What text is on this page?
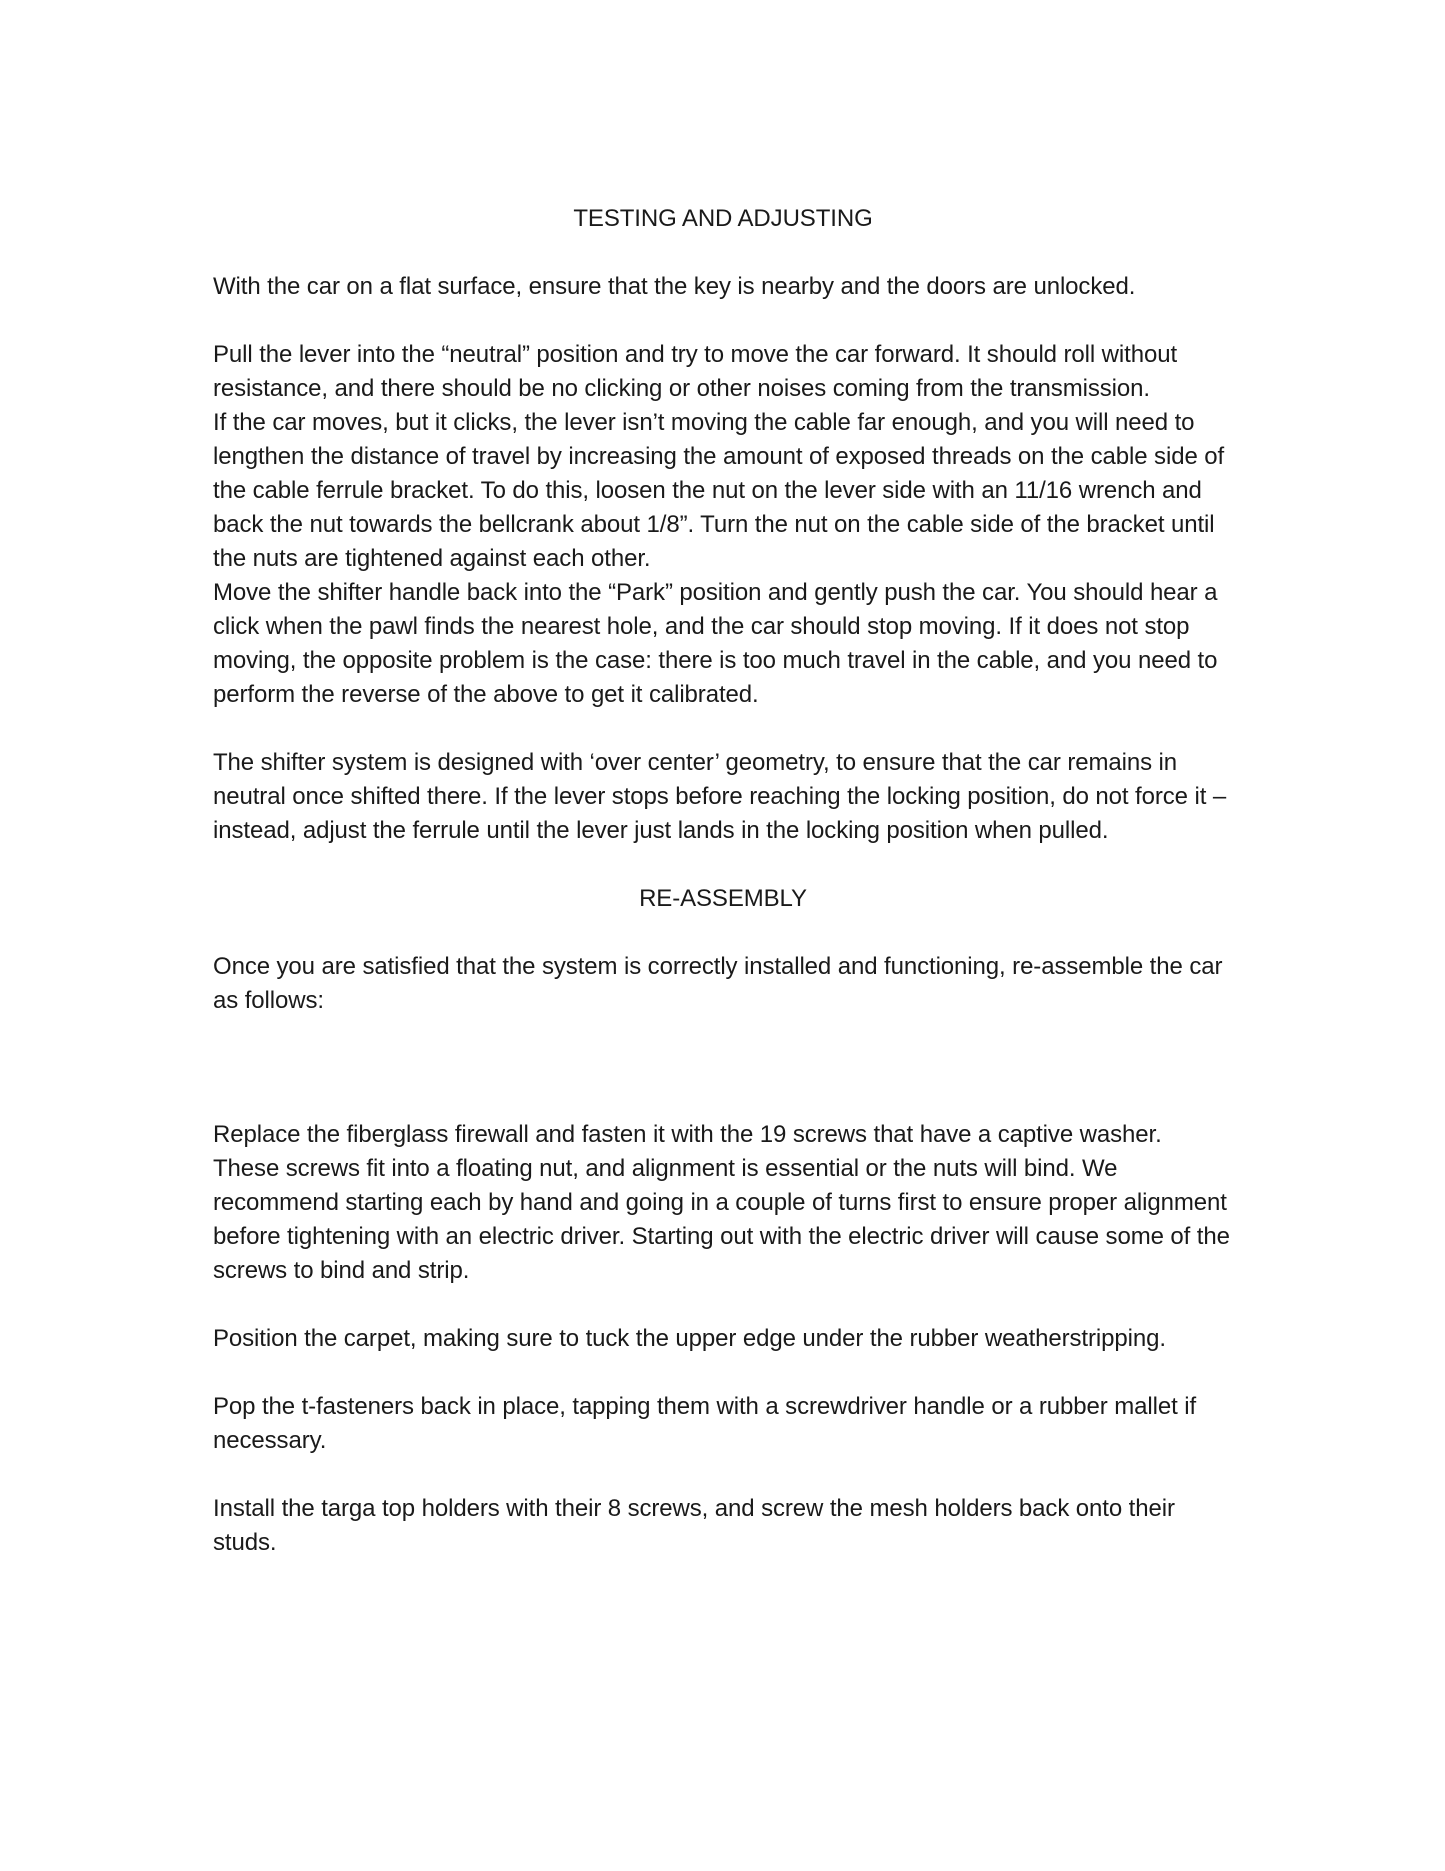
TESTING AND ADJUSTING

With the car on a flat surface, ensure that the key is nearby and the doors are unlocked.

Pull the lever into the “neutral” position and try to move the car forward. It should roll without resistance, and there should be no clicking or other noises coming from the transmission.

If the car moves, but it clicks, the lever isn’t moving the cable far enough, and you will need to lengthen the distance of travel by increasing the amount of exposed threads on the cable side of the cable ferrule bracket. To do this, loosen the nut on the lever side with an 11/16 wrench and back the nut towards the bellcrank about 1/8”. Turn the nut on the cable side of the bracket until the nuts are tightened against each other.

Move the shifter handle back into the “Park” position and gently push the car. You should hear a click when the pawl finds the nearest hole, and the car should stop moving. If it does not stop moving, the opposite problem is the case: there is too much travel in the cable, and you need to perform the reverse of the above to get it calibrated.

The shifter system is designed with ‘over center’ geometry, to ensure that the car remains in neutral once shifted there. If the lever stops before reaching the locking position, do not force it – instead, adjust the ferrule until the lever just lands in the locking position when pulled.

RE-ASSEMBLY

Once you are satisfied that the system is correctly installed and functioning, re-assemble the car as follows:

Replace the fiberglass firewall and fasten it with the 19 screws that have a captive washer. These screws fit into a floating nut, and alignment is essential or the nuts will bind. We recommend starting each by hand and going in a couple of turns first to ensure proper alignment before tightening with an electric driver. Starting out with the electric driver will cause some of the screws to bind and strip.

Position the carpet, making sure to tuck the upper edge under the rubber weatherstripping.

Pop the t-fasteners back in place, tapping them with a screwdriver handle or a rubber mallet if necessary.

Install the targa top holders with their 8 screws, and screw the mesh holders back onto their studs.
